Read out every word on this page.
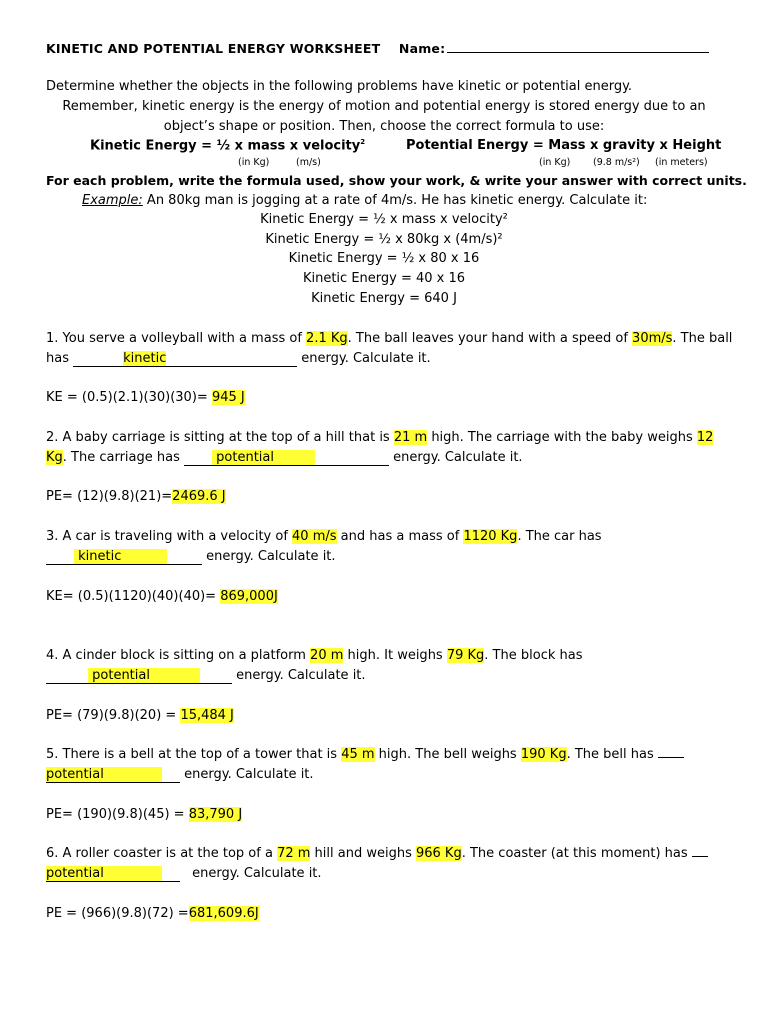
KINETIC AND POTENTIAL ENERGY WORKSHEET Name:
Determine whether the objects in the following problems have kinetic or potential energy.
Remember, kinetic energy is the energy of motion and potential energy is stored energy due to an
object’s shape or position. Then, choose the correct formula to use:
Kinetic Energy = ½ x mass x velocity$^2$
(in Kg)	(m/s)
Potential Energy = Mass x gravity x Height
(in Kg) (9.8 m/s²) (in meters)
For each problem, write the formula used, show your work, & write your answer with correct units.
Example: An 80kg man is jogging at a rate of 4m/s. He has kinetic energy. Calculate it:
Kinetic Energy = ½ x mass x velocity²
Kinetic Energy = ½ x 80kg x (4m/s)²
Kinetic Energy = ½ x 80 x 16
Kinetic Energy = 40 x 16
Kinetic Energy = 640 J
1. You serve a volleyball with a mass of 2.1 Kg. The ball leaves your hand with a speed of 30m/s. The ball
has	kinetic	energy. Calculate it.
KE = (0.5)(2.1)(30)(30)= 945 J
2. A baby carriage is sitting at the top of a hill that is 21 m high. The carriage with the baby weighs 12
Kg. The carriage has  potential	energy. Calculate it.
PE= (12)(9.8)(21)=2469.6 J
3. A car is traveling with a velocity of 40 m/s and has a mass of 1120 Kg. The car has
kinetic	energy. Calculate it.
KE= (0.5)(1120)(40)(40)= 869,000J
4. A cinder block is sitting on a platform 20 m high. It weighs 79 Kg. The block has
potential	energy. Calculate it.
PE= (79)(9.8)(20) = 15,484 J
5. There is a bell at the top of a tower that is 45 m high. The bell weighs 190 Kg. The bell has
potential	energy. Calculate it.
PE= (190)(9.8)(45) = 83,790 J
6. A roller coaster is at the top of a 72 m hill and weighs 966 Kg. The coaster (at this moment) has
potential	energy. Calculate it.
PE = (966)(9.8)(72) =681,609.6J
